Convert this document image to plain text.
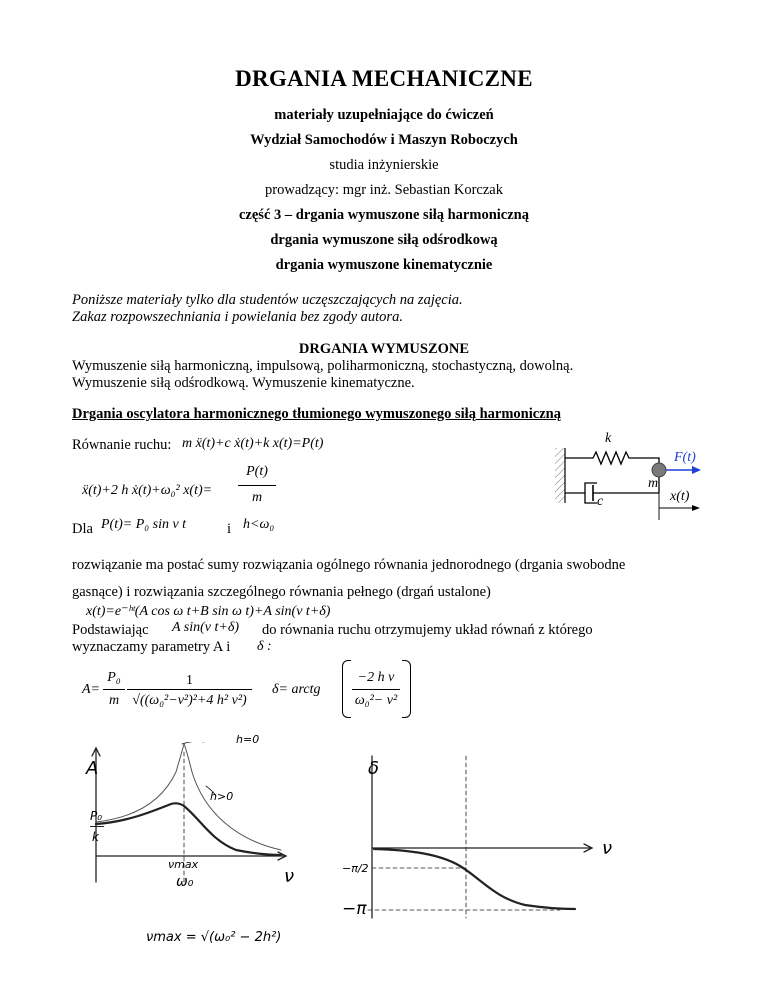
DRGANIA MECHANICZNE
materiały uzupełniające do ćwiczeń
Wydział Samochodów i Maszyn Roboczych
studia inżynierskie
prowadzący: mgr inż. Sebastian Korczak
część 3 – drgania wymuszone siłą harmoniczną
drgania wymuszone siłą odśrodkową
drgania wymuszone kinematycznie
Poniższe materiały tylko dla studentów uczęszczających na zajęcia.
Zakaz rozpowszechniania i powielania bez zgody autora.
DRGANIA WYMUSZONE
Wymuszenie siłą harmoniczną, impulsową, poliharmoniczną, stochastyczną, dowolną.
Wymuszenie siłą odśrodkową. Wymuszenie kinematyczne.
Drgania oscylatora harmonicznego tłumionego wymuszonego siłą harmoniczną
Równanie ruchu: m ẍ(t)+c ẋ(t)+k x(t)=P(t)
ẍ(t)+2 h ẋ(t)+ω₀² x(t)=
P(t)
m
k
c
m
F(t)
x(t)
Dla P(t)= P₀ sin ν t	i h<ω₀
rozwiązanie ma postać sumy rozwiązania ogólnego równania jednorodnego (drgania swobodne
gasnące) i rozwiązania szczególnego równania pełnego (drgań ustalone)
x(t)=e⁻ʰᵗ(A cos ω t+B sin ω t)+A sin(ν t+δ)
Podstawiając A sin(ν t+δ) do równania ruchu otrzymujemy układ równań z którego
wyznaczamy parametry A i δ :
A=
P₀
m
1
√((ω₀²−ν²)²+4 h² ν²)
δ= arctg
−2 h ν
ω₀²− ν²
A
h=0
h>0
P₀
k
νmax
ω₀	ν
δ
ν
−π/2
−π
νmax = √(ω₀² − 2h²)
